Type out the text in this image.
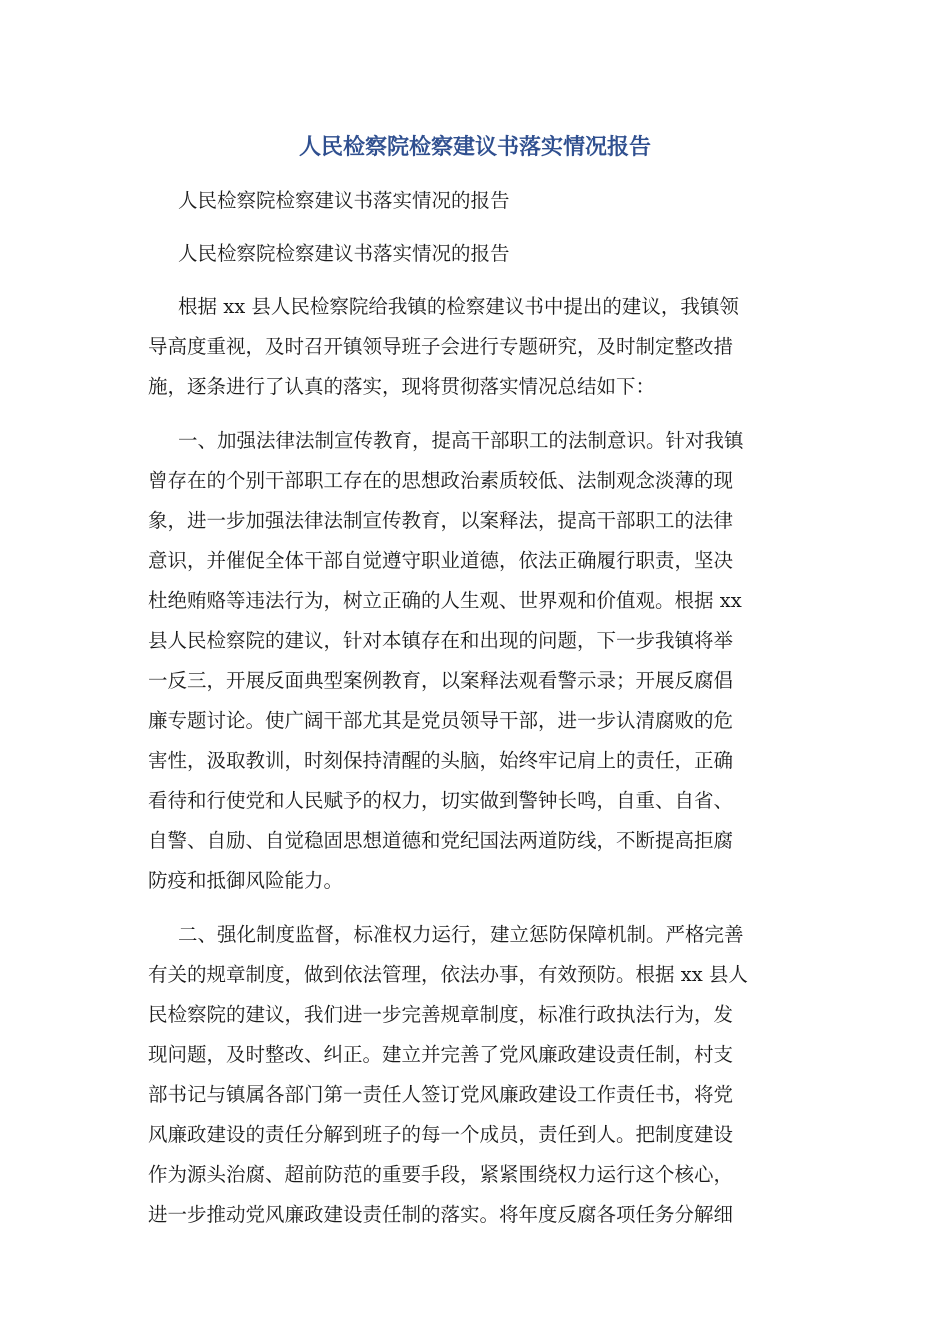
人民检察院检察建议书落实情况报告

人民检察院检察建议书落实情况的报告

人民检察院检察建议书落实情况的报告

根据 xx 县人民检察院给我镇的检察建议书中提出的建议，我镇领

导高度重视，及时召开镇领导班子会进行专题研究，及时制定整改措

施，逐条进行了认真的落实，现将贯彻落实情况总结如下：

一、加强法律法制宣传教育，提高干部职工的法制意识。针对我镇

曾存在的个别干部职工存在的思想政治素质较低、法制观念淡薄的现

象，进一步加强法律法制宣传教育，以案释法，提高干部职工的法律

意识，并催促全体干部自觉遵守职业道德，依法正确履行职责，坚决

杜绝贿赂等违法行为，树立正确的人生观、世界观和价值观。根据 xx

县人民检察院的建议，针对本镇存在和出现的问题，下一步我镇将举

一反三，开展反面典型案例教育，以案释法观看警示录；开展反腐倡

廉专题讨论。使广阔干部尤其是党员领导干部，进一步认清腐败的危

害性，汲取教训，时刻保持清醒的头脑，始终牢记肩上的责任，正确

看待和行使党和人民赋予的权力，切实做到警钟长鸣，自重、自省、

自警、自励、自觉稳固思想道德和党纪国法两道防线，不断提高拒腐

防疫和抵御风险能力。

二、强化制度监督，标准权力运行，建立惩防保障机制。严格完善

有关的规章制度，做到依法管理，依法办事，有效预防。根据 xx 县人

民检察院的建议，我们进一步完善规章制度，标准行政执法行为，发

现问题，及时整改、纠正。建立并完善了党风廉政建设责任制，村支

部书记与镇属各部门第一责任人签订党风廉政建设工作责任书，将党

风廉政建设的责任分解到班子的每一个成员，责任到人。把制度建设

作为源头治腐、超前防范的重要手段，紧紧围绕权力运行这个核心，

进一步推动党风廉政建设责任制的落实。将年度反腐各项任务分解细
